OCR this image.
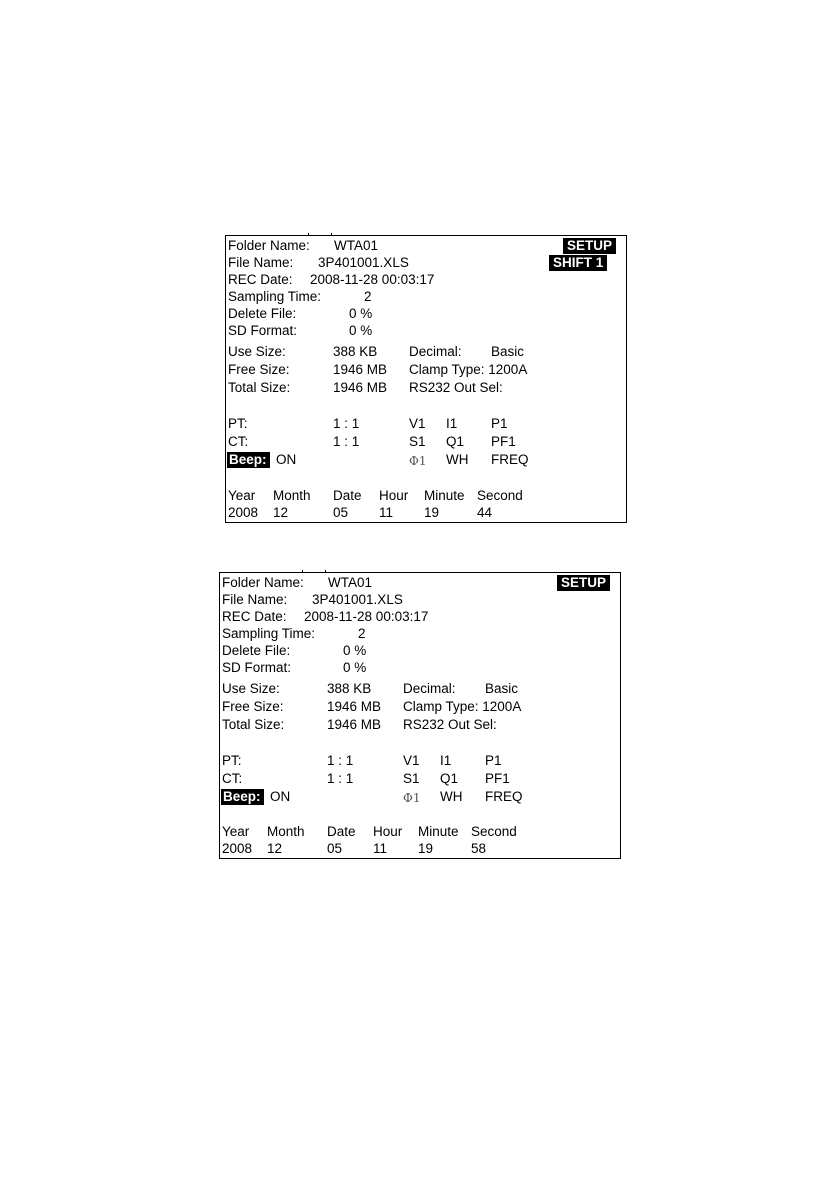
Folder Name: WTA01	SETUP
File Name: 3P401001.XLS	SHIFT 1
REC Date: 2008-11-28 00:03:17
Sampling Time:	2
Delete File:	0 %
SD Format:	0 %
Use Size:	388 KB Decimal: Basic
Free Size:	1946 MB Clamp Type: 1200A
Total Size:	1946 MB RS232 Out Sel:
PT:	1 : 1	V1 I1 P1
CT:	1 : 1	S1 Q1 PF1
Beep: ON	Φ1 WH FREQ
Year Month Date Hour Minute Second
2008 12	05 11 19	44
Folder Name: WTA01	SETUP
File Name: 3P401001.XLS
REC Date: 2008-11-28 00:03:17
Sampling Time:	2
Delete File:	0 %
SD Format:	0 %
Use Size:	388 KB Decimal: Basic
Free Size:	1946 MB Clamp Type: 1200A
Total Size:	1946 MB RS232 Out Sel:
PT:	1 : 1	V1 I1 P1
CT:	1 : 1	S1 Q1 PF1
Beep: ON	Φ1 WH FREQ
Year Month Date Hour Minute Second
2008 12	05 11 19	58
